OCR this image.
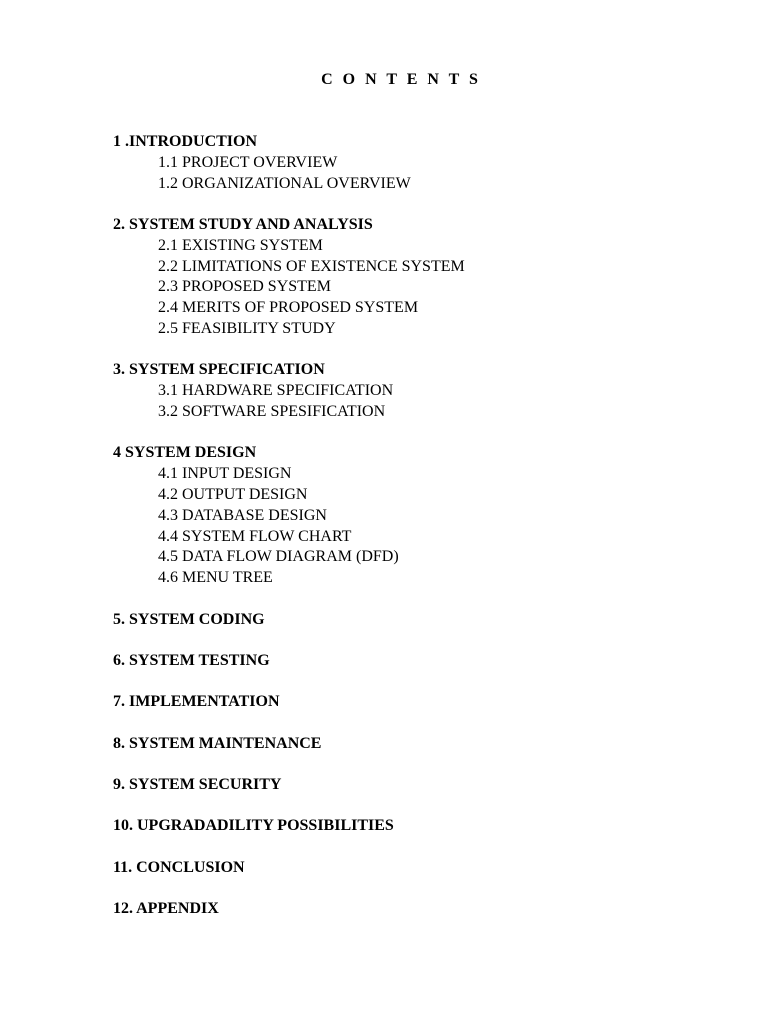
C O N T E N T S
1 .INTRODUCTION
1.1 PROJECT OVERVIEW
1.2 ORGANIZATIONAL OVERVIEW
2. SYSTEM STUDY AND ANALYSIS
2.1 EXISTING SYSTEM
2.2 LIMITATIONS OF EXISTENCE SYSTEM
2.3 PROPOSED SYSTEM
2.4 MERITS OF PROPOSED SYSTEM
2.5 FEASIBILITY STUDY
3. SYSTEM SPECIFICATION
3.1 HARDWARE SPECIFICATION
3.2 SOFTWARE SPESIFICATION
4 SYSTEM DESIGN
4.1 INPUT DESIGN
4.2 OUTPUT DESIGN
4.3 DATABASE DESIGN
4.4 SYSTEM FLOW CHART
4.5 DATA FLOW DIAGRAM (DFD)
4.6 MENU TREE
5. SYSTEM CODING
6. SYSTEM TESTING
7. IMPLEMENTATION
8. SYSTEM MAINTENANCE
9. SYSTEM SECURITY
10. UPGRADADILITY POSSIBILITIES
11. CONCLUSION
12. APPENDIX
